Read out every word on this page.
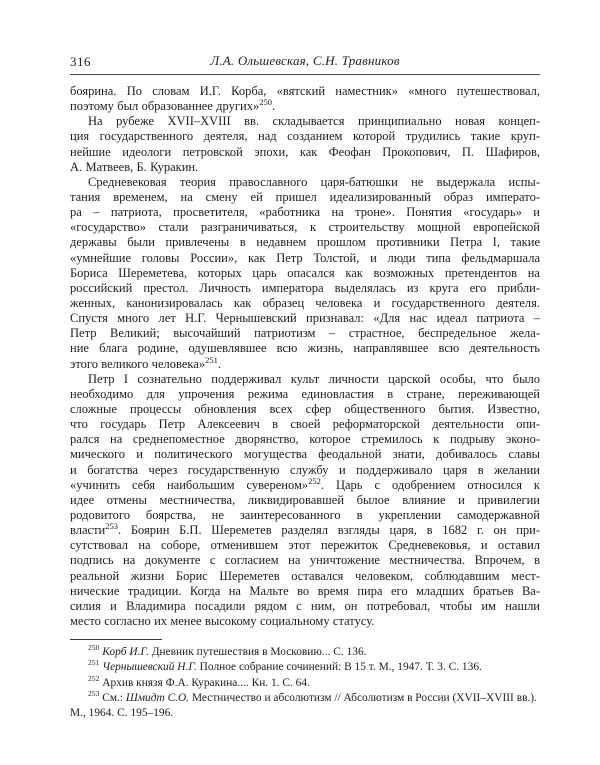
316	Л.А. Ольшевская, С.Н. Травников
боярина. По словам И.Г. Корба, «вятский наместник» «много путешествовал,
поэтому был образованнее других»$^{250}$.
На рубеже XVII–XVIII вв. складывается принципиально новая концеп-
ция государственного деятеля, над созданием которой трудились такие круп-
нейшие идеологи петровской эпохи, как Феофан Прокопович, П. Шафиров,
А. Матвеев, Б. Куракин.
Средневековая теория православного царя-батюшки не выдержала испы-
тания временем, на смену ей пришел идеализированный образ императо-
ра – патриота, просветителя, «работника на троне». Понятия «государь» и
«государство» стали разграничиваться, к строительству мощной европейской
державы были привлечены в недавнем прошлом противники Петра I, такие
«умнейшие головы России», как Петр Толстой, и люди типа фельдмаршала
Бориса Шереметева, которых царь опасался как возможных претендентов на
российский престол. Личность императора выделялась из круга его прибли-
женных, канонизировалась как образец человека и государственного деятеля.
Спустя много лет Н.Г. Чернышевский признавал: «Для нас идеал патриота –
Петр Великий; высочайший патриотизм – страстное, беспредельное жела-
ние блага родине, одушевлявшее всю жизнь, направлявшее всю деятельность
этого великого человека»$^{251}$.
Петр I сознательно поддерживал культ личности царской особы, что было
необходимо для упрочения режима единовластия в стране, переживающей
сложные процессы обновления всех сфер общественного бытия. Известно,
что государь Петр Алексеевич в своей реформаторской деятельности опи-
рался на среднепоместное дворянство, которое стремилось к подрыву эконо-
мического и политического могущества феодальной знати, добивалось славы
и богатства через государственную службу и поддерживало царя в желании
«учинить себя наибольшим сувереном»$^{252}$. Царь с одобрением относился к
идее отмены местничества, ликвидировавшей былое влияние и привилегии
родовитого боярства, не заинтересованного в укреплении самодержавной
власти$^{253}$. Боярин Б.П. Шереметев разделял взгляды царя, в 1682 г. он при-
сутствовал на соборе, отменившем этот пережиток Средневековья, и оставил
подпись на документе с согласием на уничтожение местничества. Впрочем, в
реальной жизни Борис Шереметев оставался человеком, соблюдавшим мест-
нические традиции. Когда на Мальте во время пира его младших братьев Ва-
силия и Владимира посадили рядом с ним, он потребовал, чтобы им нашли
место согласно их менее высокому социальному статусу.

$^{250}$ Корб И.Г. Дневник путешествия в Московию... С. 136.

$^{251}$ Чернышевский Н.Г. Полное собрание сочинений: В 15 т. М., 1947. Т. 3. С. 136.

$^{252}$ Архив князя Ф.А. Куракина.... Кн. 1. С. 64.

$^{253}$ См.: Шмидт С.О. Местничество и абсолютизм // Абсолютизм в России (XVII–XVIII вв.). М., 1964. С. 195–196.
